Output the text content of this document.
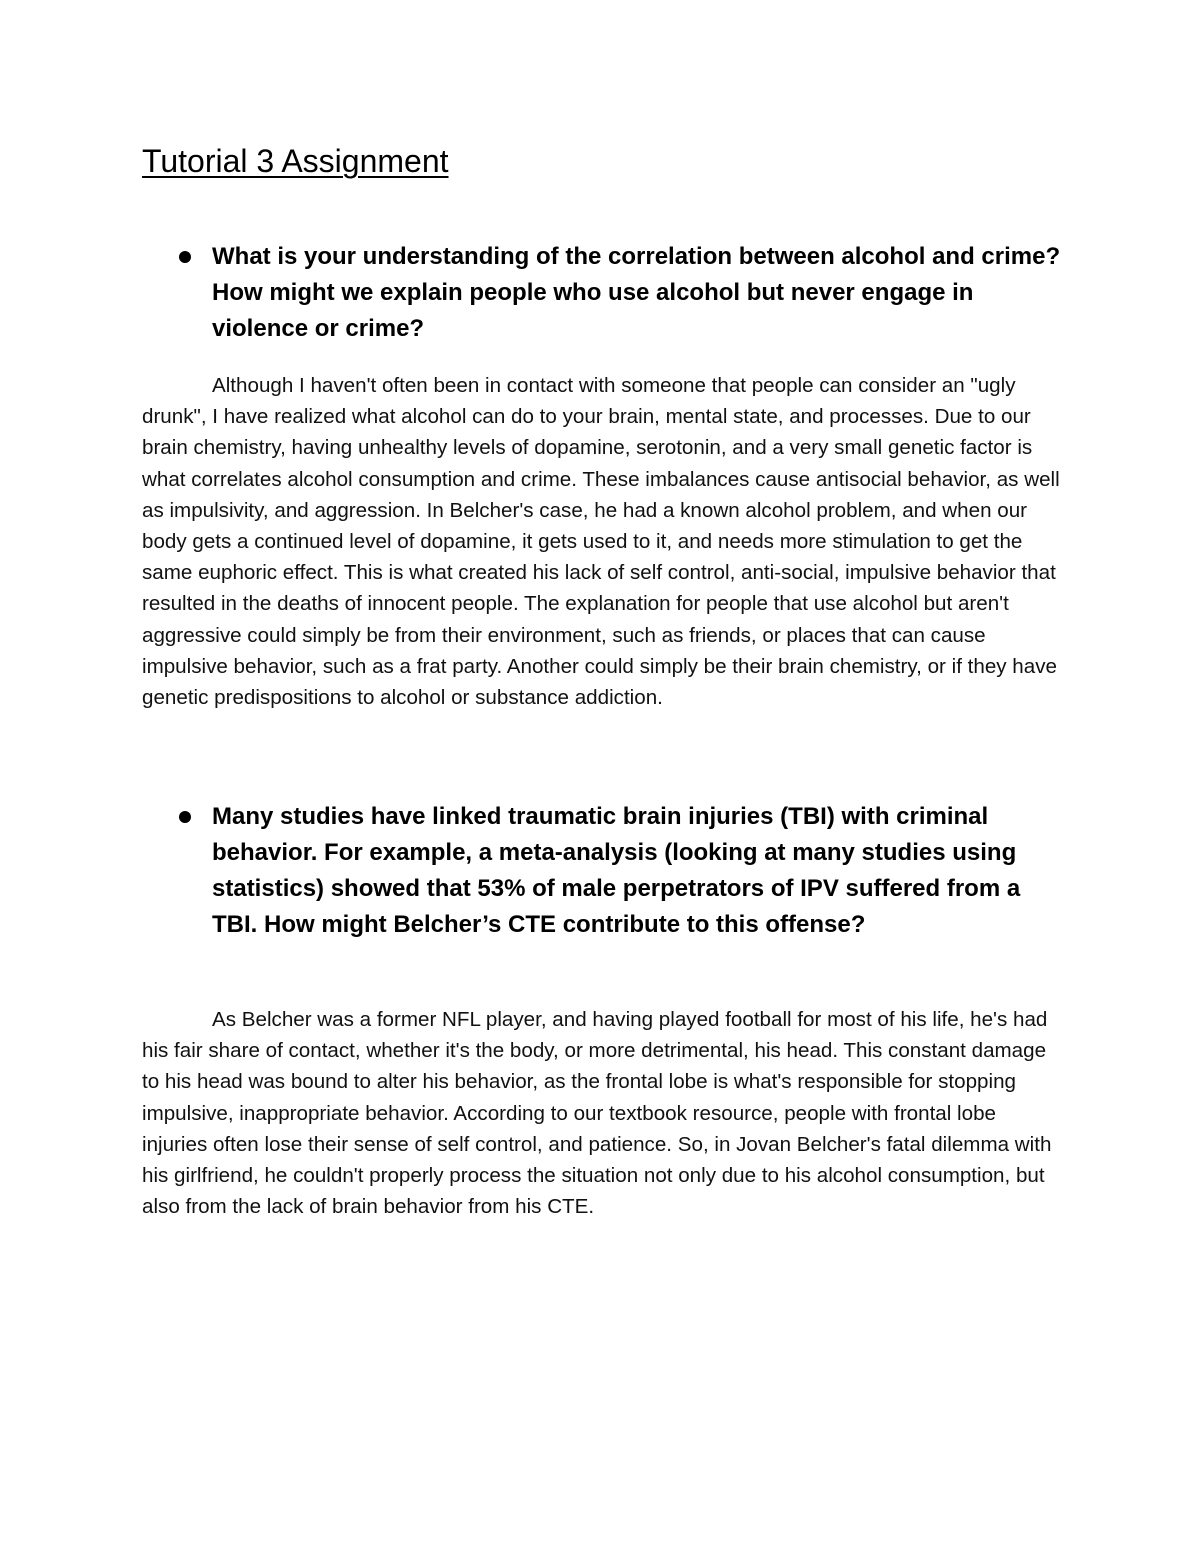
Tutorial 3 Assignment

What is your understanding of the correlation between alcohol and crime? How might we explain people who use alcohol but never engage in violence or crime?

Although I haven't often been in contact with someone that people can consider an "ugly drunk", I have realized what alcohol can do to your brain, mental state, and processes. Due to our brain chemistry, having unhealthy levels of dopamine, serotonin, and a very small genetic factor is what correlates alcohol consumption and crime. These imbalances cause antisocial behavior, as well as impulsivity, and aggression. In Belcher's case, he had a known alcohol problem, and when our body gets a continued level of dopamine, it gets used to it, and needs more stimulation to get the same euphoric effect. This is what created his lack of self control, anti-social, impulsive behavior that resulted in the deaths of innocent people. The explanation for people that use alcohol but aren't aggressive could simply be from their environment, such as friends, or places that can cause impulsive behavior, such as a frat party. Another could simply be their brain chemistry, or if they have genetic predispositions to alcohol or substance addiction.

Many studies have linked traumatic brain injuries (TBI) with criminal behavior. For example, a meta-analysis (looking at many studies using statistics) showed that 53% of male perpetrators of IPV suffered from a TBI. How might Belcher’s CTE contribute to this offense?

As Belcher was a former NFL player, and having played football for most of his life, he's had his fair share of contact, whether it's the body, or more detrimental, his head. This constant damage to his head was bound to alter his behavior, as the frontal lobe is what's responsible for stopping impulsive, inappropriate behavior. According to our textbook resource, people with frontal lobe injuries often lose their sense of self control, and patience. So, in Jovan Belcher's fatal dilemma with his girlfriend, he couldn't properly process the situation not only due to his alcohol consumption, but also from the lack of brain behavior from his CTE.
